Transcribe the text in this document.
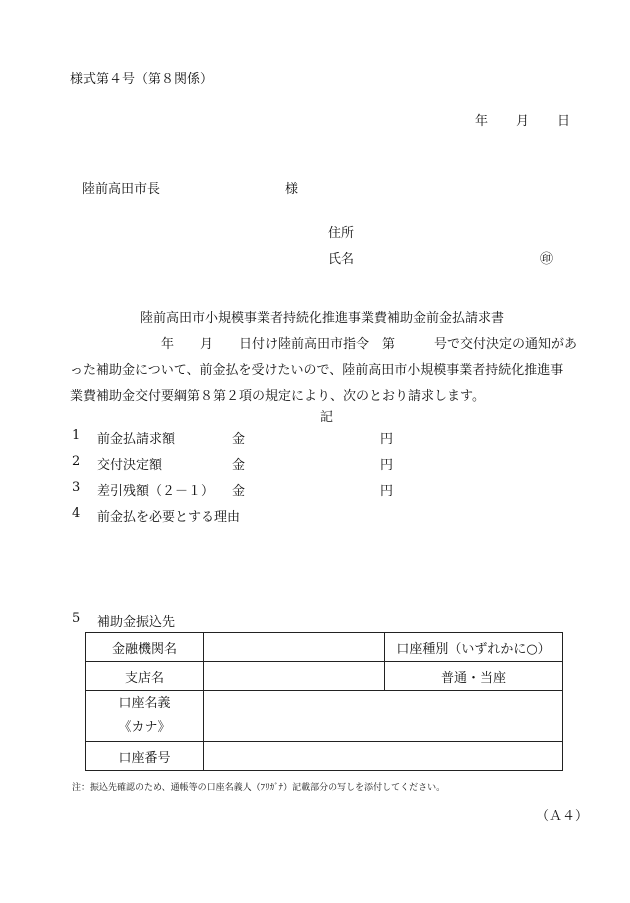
様式第４号（第８関係）
年 月 日
陸前高田市長	様
住所
氏名	㊞
陸前高田市小規模事業者持続化推進事業費補助金前金払請求書
　　　　　　　年　　月　　日付け陸前高田市指令　第　　　号で交付決定の通知があ
った補助金について、前金払を受けたいので、陸前高田市小規模事業者持続化推進事
業費補助金交付要綱第８第２項の規定により、次のとおり請求します。
記
1 前金払請求額	金	円
2 交付決定額	金	円
3 差引残額（２－１） 金	円
4 前金払を必要とする理由
5 補助金振込先
金融機関名		口座種別（いずれかに○）
支店名		普通・当座

口座名義
《カナ》		

口座番号		
注：振込先確認のため、通帳等の口座名義人（ﾌﾘｶﾞﾅ）記載部分の写しを添付してください。
（Ａ４）
